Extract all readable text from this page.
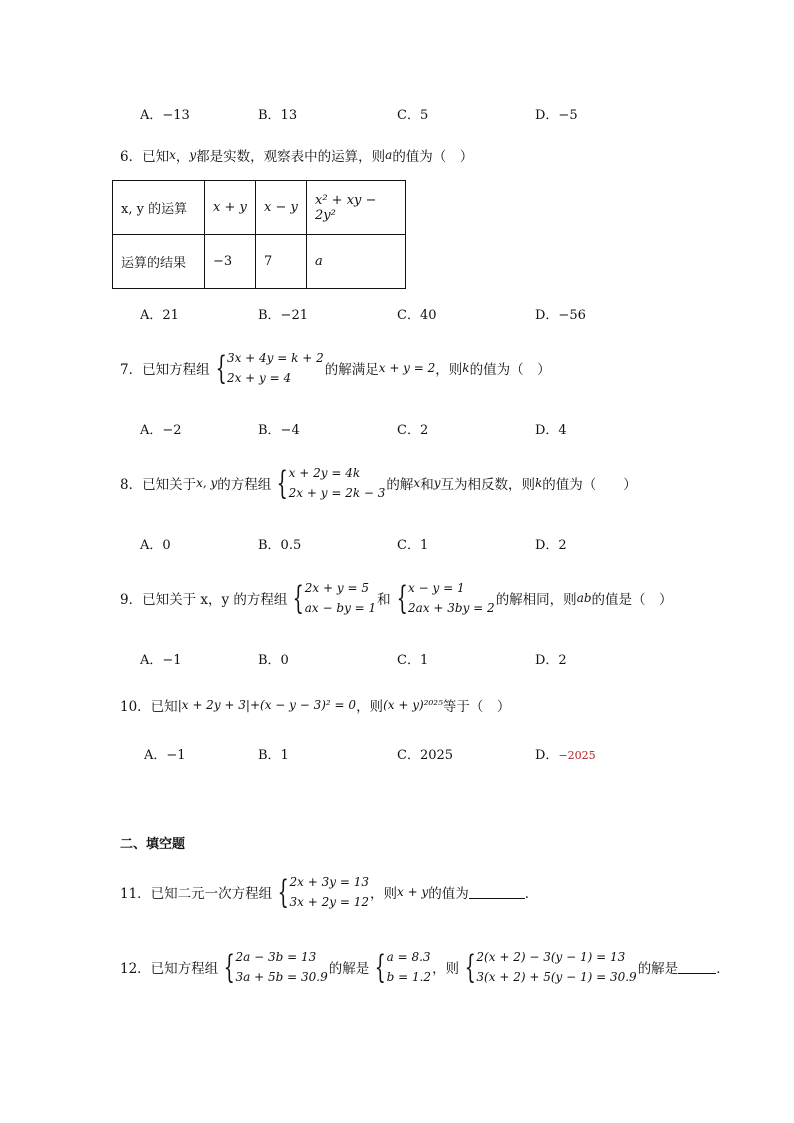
A．−13	B．13	C．5	D．−5
6．已知 x ， y 都是实数，观察表中的运算，则 a 的值为（　）
x, y 的运算	x + y	x − y	x² + xy − 2y²
运算的结果	−3	7	a
A．21	B．−21	C．40	D．−56
7．已知方程组 { 3x + 4y = k + 2
2x + y = 4	的解满足 x + y = 2 ，则 k 的值为（　）
A．−2	B．−4	C．2	D．4
8．已知关于 x, y 的方程组 { x + 2y = 4k
2x + y = 2k − 3 的解 x 和 y 互为相反数，则 k 的值为（　　）
A．0	B．0.5	C．1	D．2
9．已知关于 x，y 的方程组 { 2x + y = 5
ax − by = 1 和 { x − y = 1
2ax + 3by = 2 的解相同，则 ab 的值是（　）
A．−1	B．0	C．1	D．2
10．已知 |x + 2y + 3|+(x − y − 3)² = 0 ，则 (x + y)²⁰²⁵ 等于（　）
A．−1	B．1	C．2025	D．−2025
二、填空题
11．已知二元一次方程组 { 2x + 3y = 13
3x + 2y = 12 ，则 x + y 的值为	．
12．已知方程组 { 2a − 3b = 13
3a + 5b = 30.9 的解是 { a = 8.3
b = 1.2 ，则 { 2(x + 2) − 3(y − 1) = 13
3(x + 2) + 5(y − 1) = 30.9 的解是	．
